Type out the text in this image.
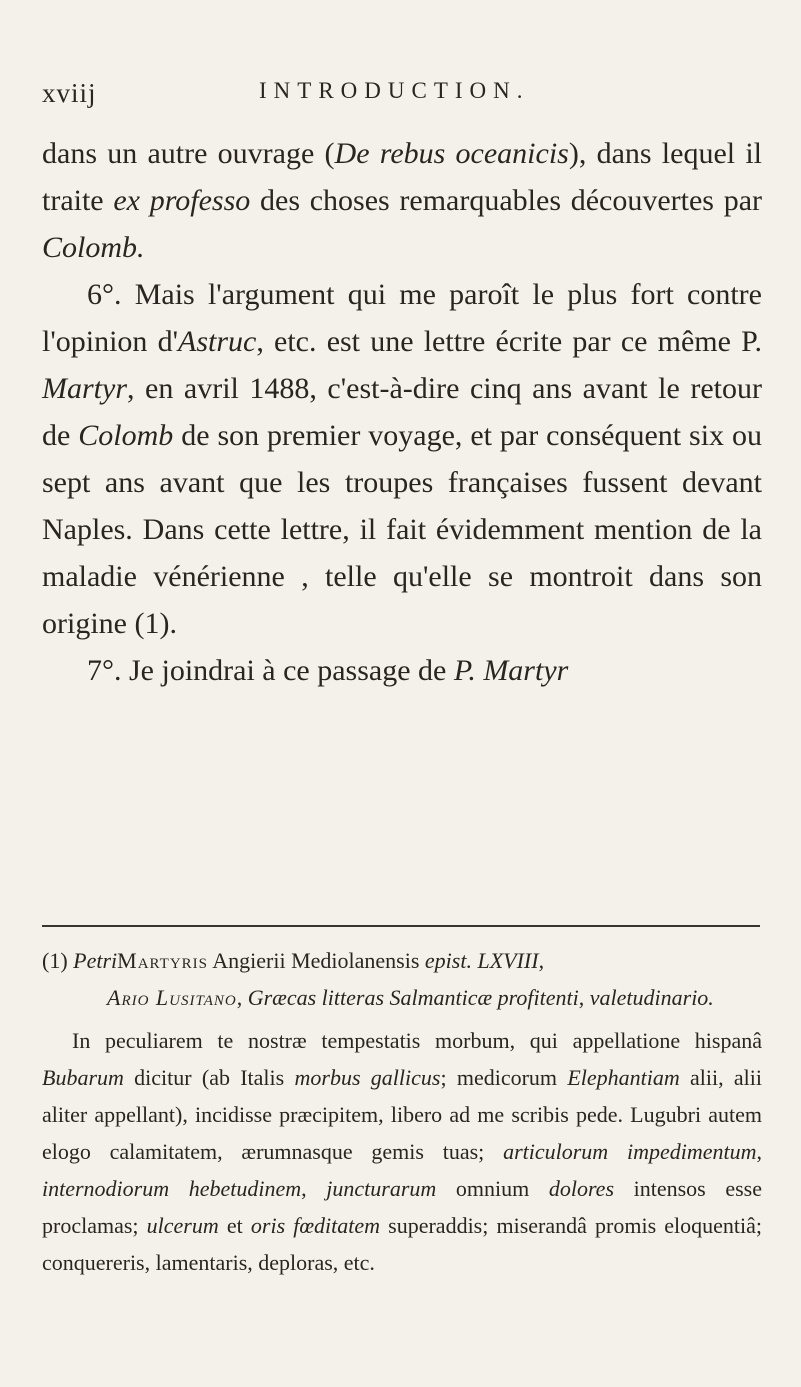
xviij	INTRODUCTION.

dans un autre ouvrage (De rebus oceanicis), dans lequel il traite ex professo des choses remarquables découvertes par Colomb.

6°. Mais l'argument qui me paroît le plus fort contre l'opinion d'Astruc, etc. est une lettre écrite par ce même P. Martyr, en avril 1488, c'est-à-dire cinq ans avant le retour de Colomb de son premier voyage, et par conséquent six ou sept ans avant que les troupes françaises fussent devant Naples. Dans cette lettre, il fait évidemment mention de la maladie vénérienne , telle qu'elle se montroit dans son origine (1).

7°. Je joindrai à ce passage de P. Martyr

(1) PetriMartyris Angierii Mediolanensis epist. LXVIII,
Ario Lusitano, Græcas litteras Salmanticæ profitenti, valetudinario.

In peculiarem te nostræ tempestatis morbum, qui appellatione hispanâ Bubarum dicitur (ab Italis morbus gallicus; medicorum Elephantiam alii, alii aliter appellant), incidisse præcipitem, libero ad me scribis pede. Lugubri autem elogo calamitatem, ærumnasque gemis tuas; articulorum impedimentum, internodiorum hebetudinem, juncturarum omnium dolores intensos esse proclamas; ulcerum et oris fœditatem superaddis; miserandâ promis eloquentiâ; conquereris, lamentaris, deploras, etc.
